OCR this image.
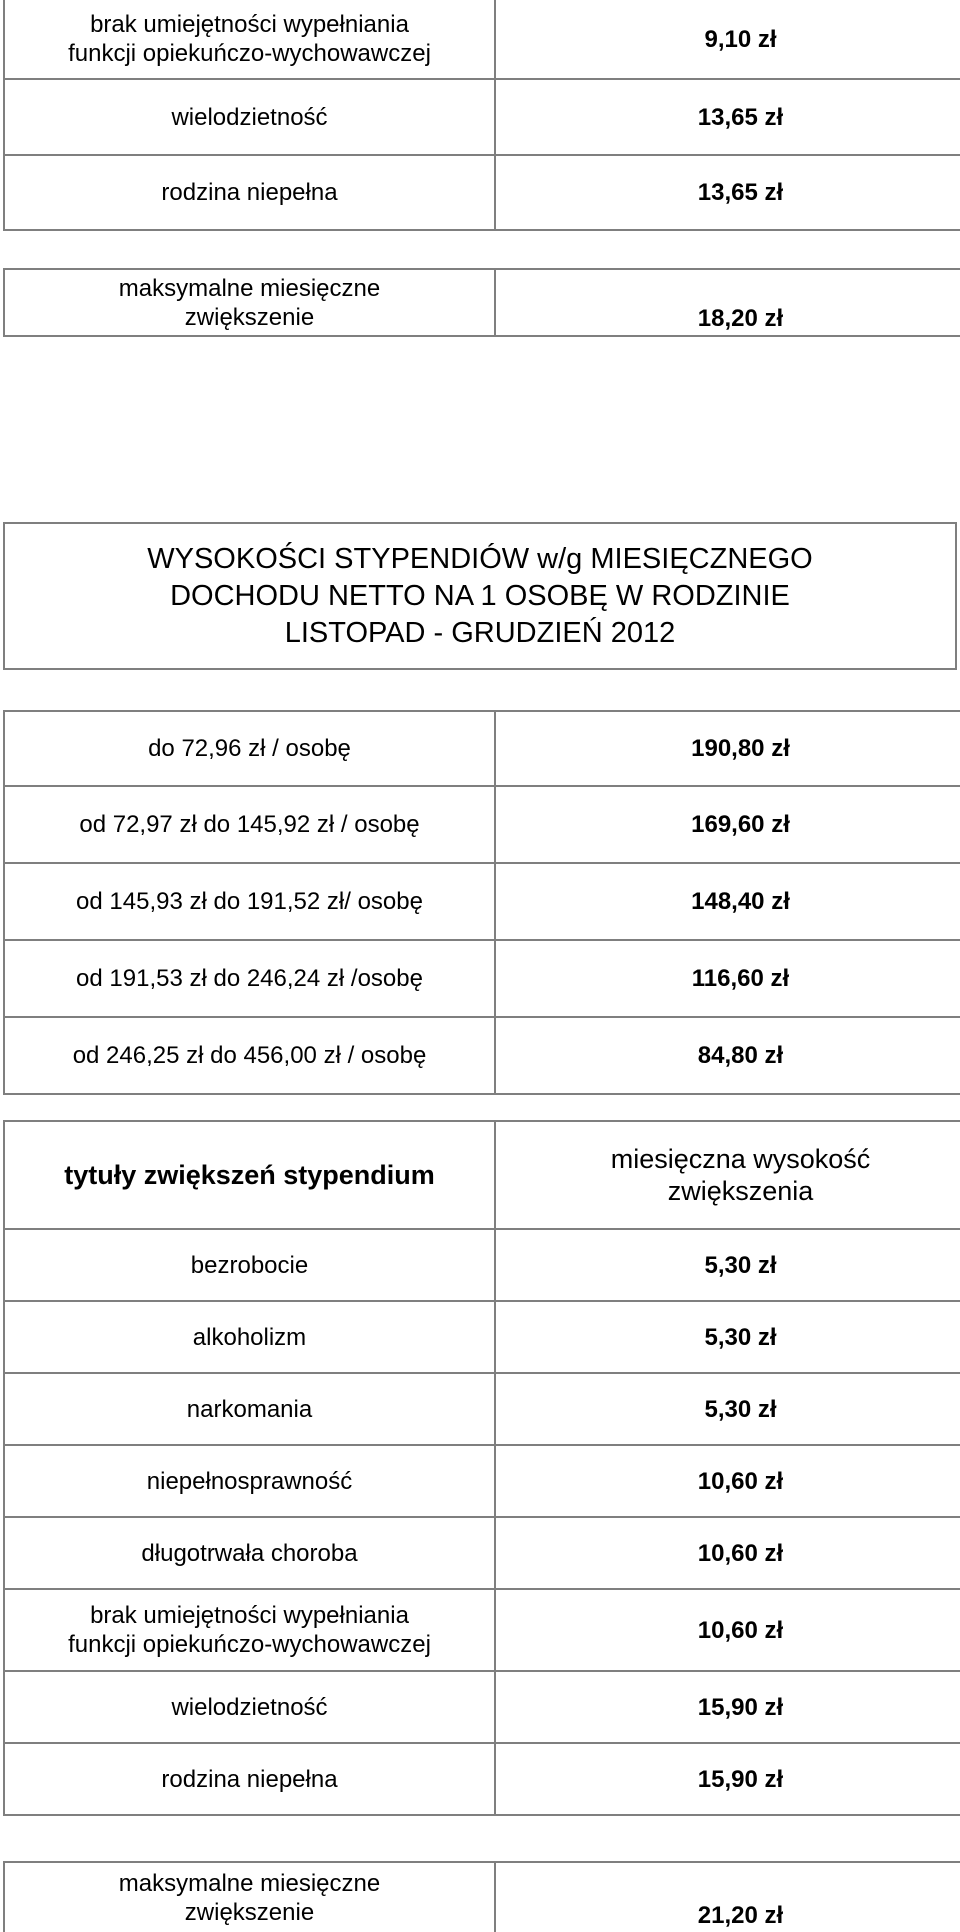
brak umiejętności wypełniania
funkcji opiekuńczo-wychowawczej	9,10 zł
wielodzietność	13,65 zł
rodzina niepełna	13,65 zł
maksymalne miesięczne
zwiększenie	18,20 zł
WYSOKOŚCI STYPENDIÓW w/g MIESIĘCZNEGO
DOCHODU NETTO NA 1 OSOBĘ W RODZINIE
LISTOPAD - GRUDZIEŃ 2012
do 72,96 zł / osobę	190,80 zł
od 72,97 zł do 145,92 zł / osobę	169,60 zł
od 145,93 zł do 191,52 zł/ osobę	148,40 zł
od 191,53 zł do 246,24 zł /osobę	116,60 zł
od 246,25 zł do 456,00 zł / osobę	84,80 zł
tytuły zwiększeń stypendium	miesięczna wysokość
zwiększenia
bezrobocie	5,30 zł
alkoholizm	5,30 zł
narkomania	5,30 zł
niepełnosprawność	10,60 zł
długotrwała choroba	10,60 zł
brak umiejętności wypełniania
funkcji opiekuńczo-wychowawczej	10,60 zł
wielodzietność	15,90 zł
rodzina niepełna	15,90 zł
maksymalne miesięczne
zwiększenie	21,20 zł
